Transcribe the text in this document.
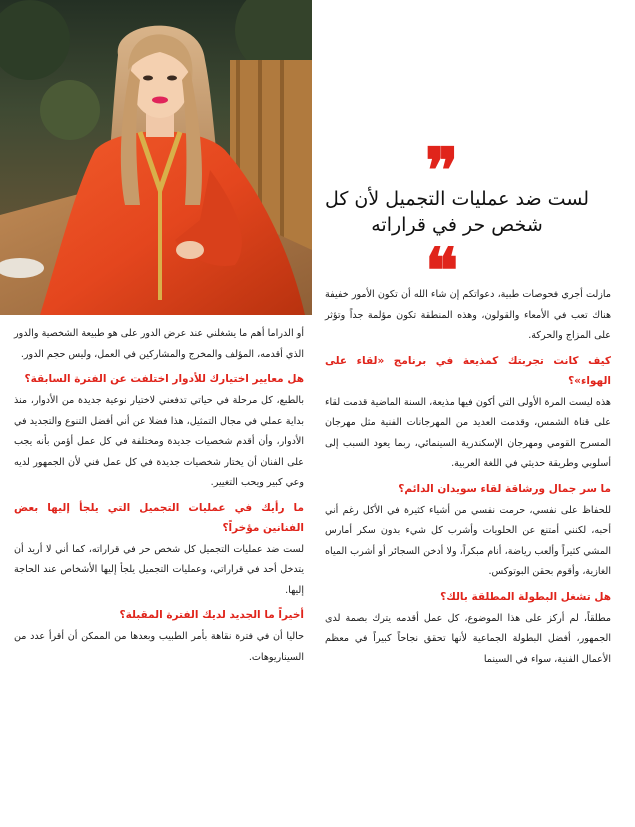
❞
لست ضد عمليات التجميل لأن كل شخص حر في قراراته
❝

مازلت أجري فحوصات طبية، دعواتكم إن شاء الله أن تكون الأمور خفيفة هناك تعب في الأمعاء والقولون، وهذه المنطقة تكون مؤلمة جداً وتؤثر على المزاج والحركة.

كيف كانت تجربتك كمذيعة في برنامج «لقاء على الهواء»؟

هذه ليست المرة الأولى التي أكون فيها مذيعة، السنة الماضية قدمت لقاء على قناة الشمس، وقدمت العديد من المهرجانات الفنية مثل مهرجان المسرح القومي ومهرجان الإسكندرية السينمائي، ربما يعود السبب إلى أسلوبي وطريقة حديثي في اللغة العربية.

ما سر جمال ورشاقة لقاء سويدان الدائم؟

للحفاظ على نفسي، حرمت نفسي من أشياء كثيرة في الأكل رغم أني أحبه، لكنني أمتنع عن الحلويات وأشرب كل شيء بدون سكر أمارس المشي كثيراً وألعب رياضة، أنام مبكراً، ولا أدخن السجائر أو أشرب المياه الغازية، وأقوم بحقن البوتوكس.

هل تشغل البطولة المطلقة بالك؟

مطلقاً، لم أركز على هذا الموضوع، كل عمل أقدمه يترك بصمة لدى الجمهور، أفضل البطولة الجماعية لأنها تحقق نجاحاً كبيراً في معظم الأعمال الفنية، سواء في السينما

أو الدراما أهم ما يشغلني عند عرض الدور على هو طبيعة الشخصية والدور الذي أقدمه، المؤلف والمخرج والمشاركين في العمل، وليس حجم الدور.

هل معايير اختيارك للأدوار اختلفت عن الفترة السابقة؟

بالطبع، كل مرحلة في حياتي تدفعني لاختيار نوعية جديدة من الأدوار، منذ بداية عملي في مجال التمثيل، هذا فضلا عن أني أفضل التنوع والتجديد في الأدوار، وأن أقدم شخصيات جديدة ومختلفة في كل عمل أؤمن بأنه يجب على الفنان أن يختار شخصيات جديدة في كل عمل فني لأن الجمهور لديه وعي كبير ويحب التغيير.

ما رأيك في عمليات التجميل التي يلجأ إليها بعض الفنانين مؤخراً؟

لست ضد عمليات التجميل كل شخص حر في قراراته، كما أني لا أريد أن يتدخل أحد في قراراتي، وعمليات التجميل يلجأ إليها الأشخاص عند الحاجة إليها.

أخيراً ما الجديد لديك الفترة المقبلة؟

حاليا أن في فترة نقاهة بأمر الطبيب وبعدها من الممكن أن أقرأ عدد من السيناريوهات.
